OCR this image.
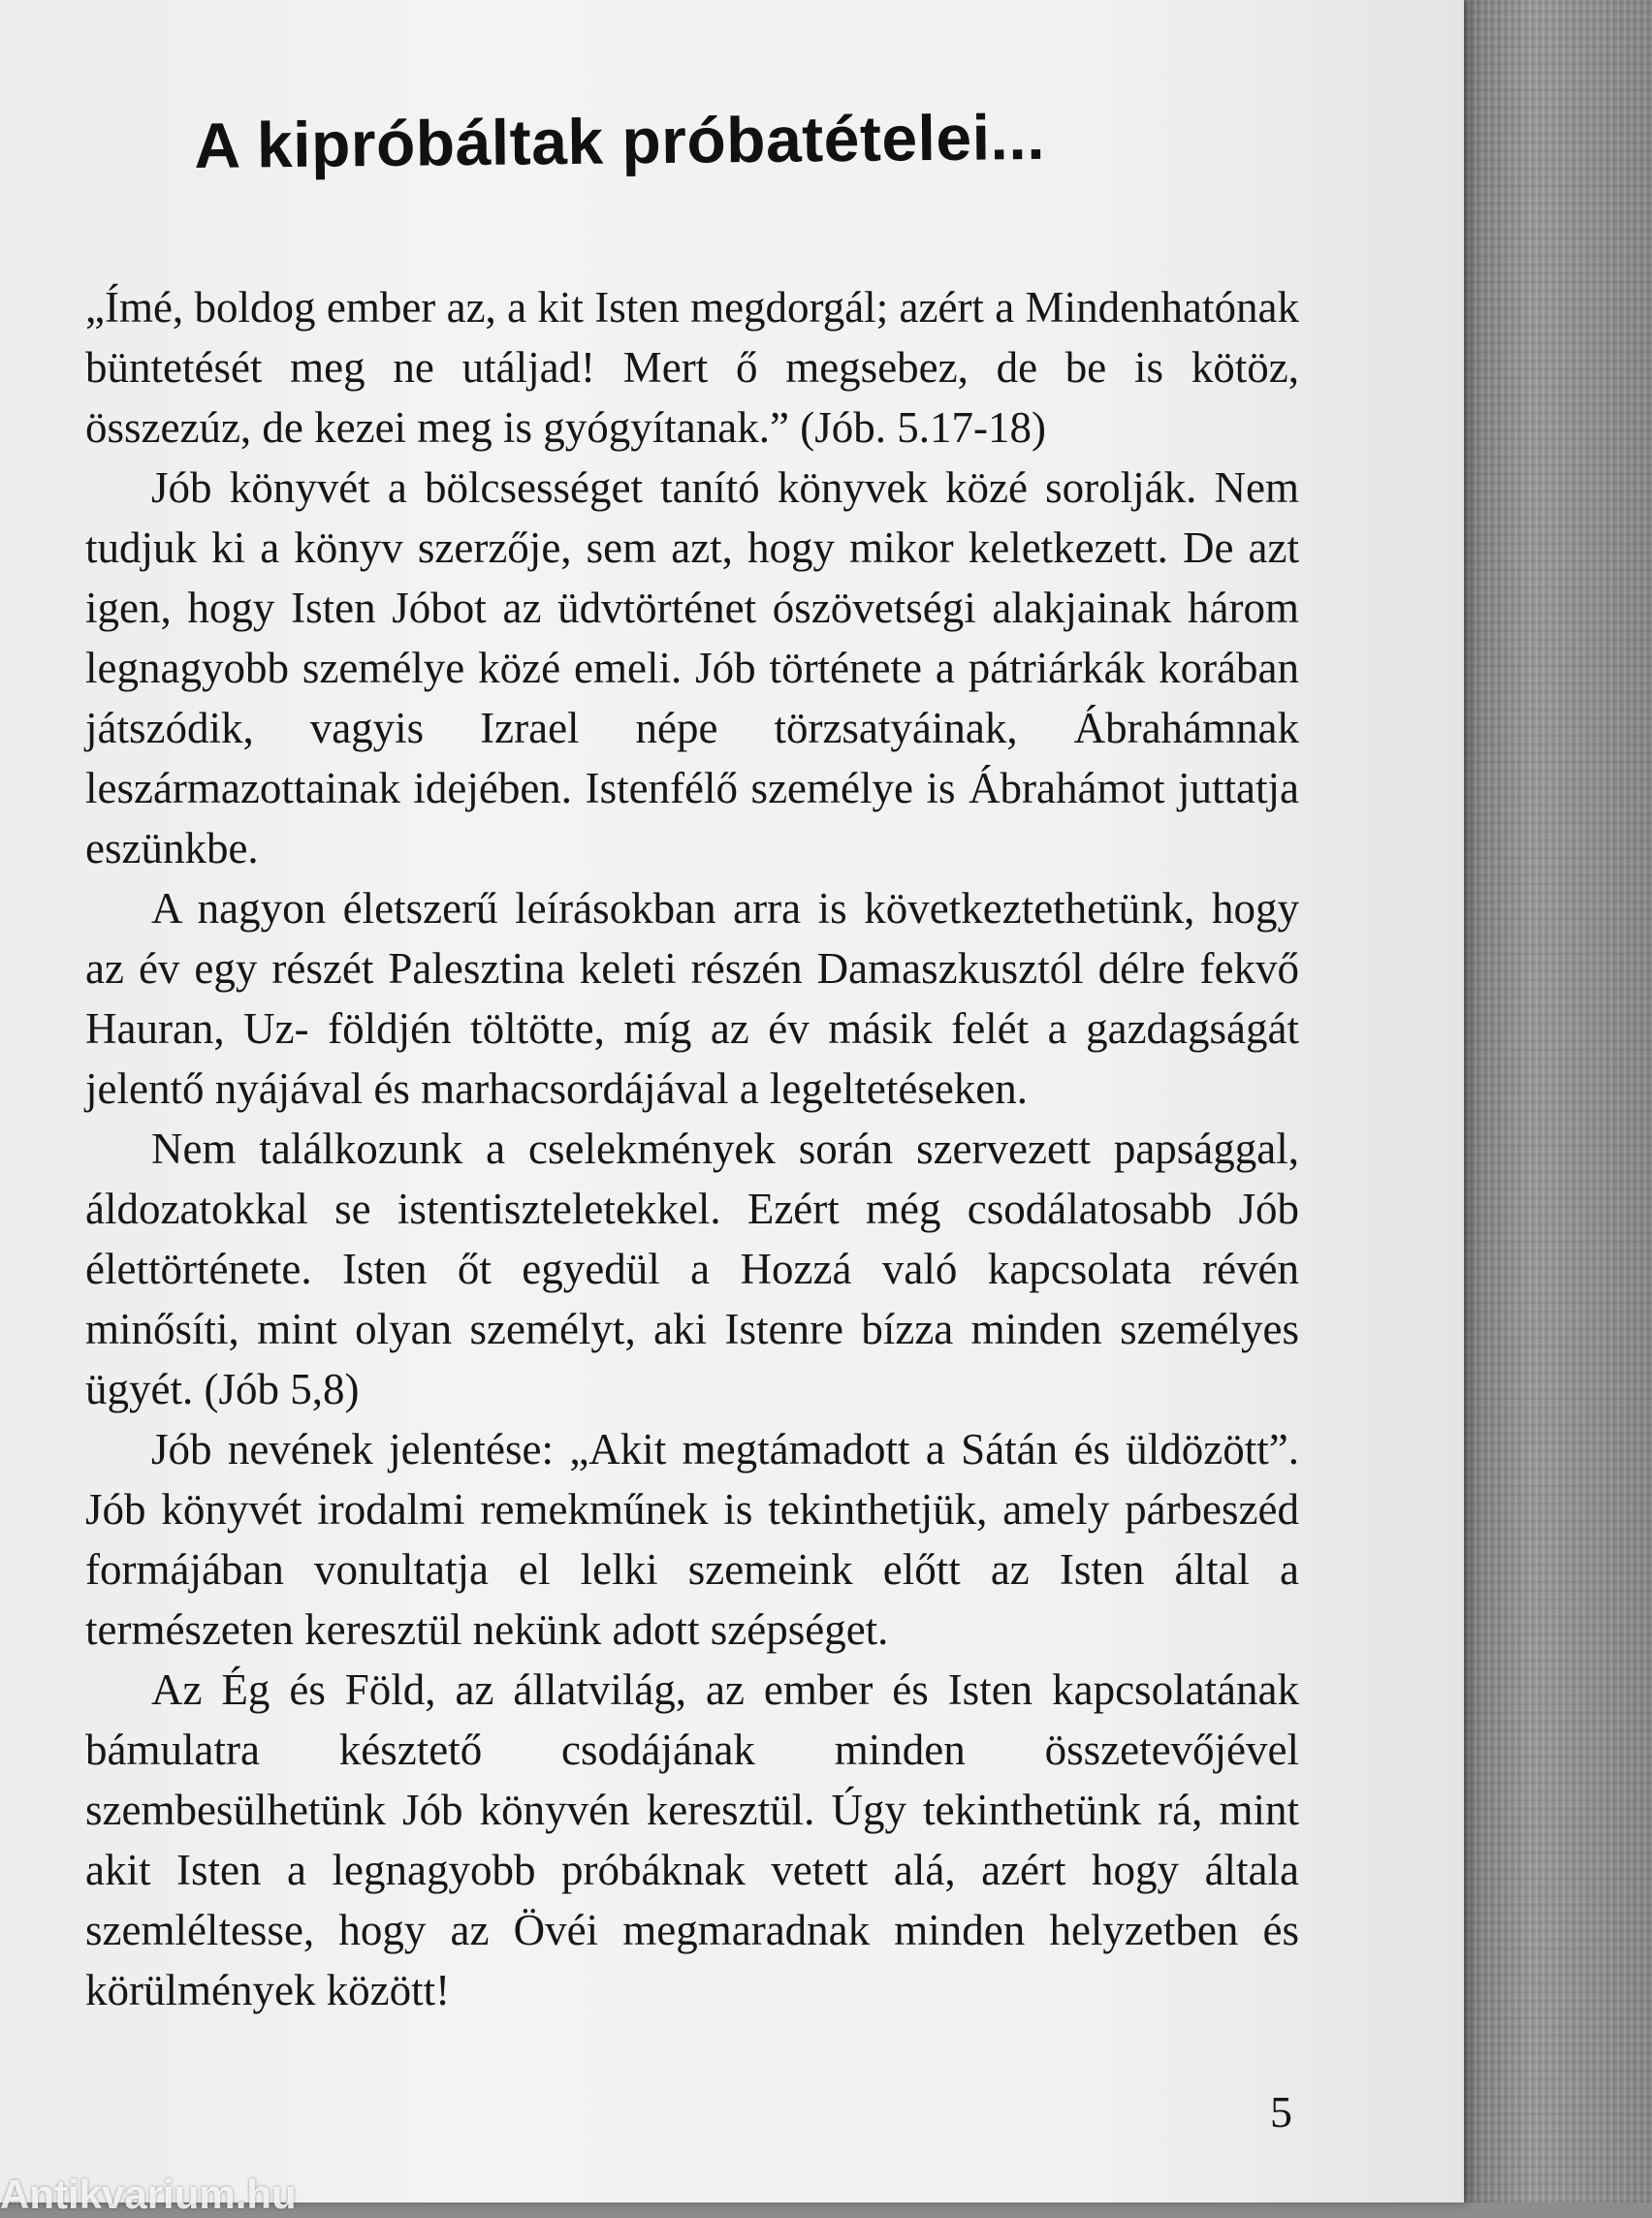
A kipróbáltak próbatételei...

„Ímé, boldog ember az, a kit Isten megdorgál; azért a Mindenhatónak büntetését meg ne utáljad! Mert ő megsebez, de be is kötöz, összezúz, de kezei meg is gyógyítanak.” (Jób. 5.17-18)

Jób könyvét a bölcsességet tanító könyvek közé sorolják. Nem tudjuk ki a könyv szerzője, sem azt, hogy mikor keletkezett. De azt igen, hogy Isten Jóbot az üdvtörténet ószövetségi alakjainak három legnagyobb személye közé emeli. Jób története a pátriárkák korában játszódik, vagyis Izrael népe törzsatyáinak, Ábrahámnak leszármazottainak idejében. Istenfélő személye is Ábrahámot juttatja eszünkbe.

A nagyon életszerű leírásokban arra is következtethetünk, hogy az év egy részét Palesztina keleti részén Damaszkusztól délre fekvő Hauran, Uz- földjén töltötte, míg az év másik felét a gazdagságát jelentő nyájával és marhacsordájával a legeltetéseken.

Nem találkozunk a cselekmények során szervezett papsággal, áldozatokkal se istentiszteletekkel. Ezért még csodálatosabb Jób élettörténete. Isten őt egyedül a Hozzá való kapcsolata révén minősíti, mint olyan személyt, aki Istenre bízza minden személyes ügyét. (Jób 5,8)

Jób nevének jelentése: „Akit megtámadott a Sátán és üldözött”. Jób könyvét irodalmi remekműnek is tekinthetjük, amely párbeszéd formájában vonultatja el lelki szemeink előtt az Isten által a természeten keresztül nekünk adott szépséget.

Az Ég és Föld, az állatvilág, az ember és Isten kapcsolatának bámulatra késztető csodájának minden összetevőjével szembesülhetünk Jób könyvén keresztül. Úgy tekinthetünk rá, mint akit Isten a legnagyobb próbáknak vetett alá, azért hogy általa szemléltesse, hogy az Övéi megmaradnak minden helyzetben és körülmények között!

5
Antikvarium.hu
